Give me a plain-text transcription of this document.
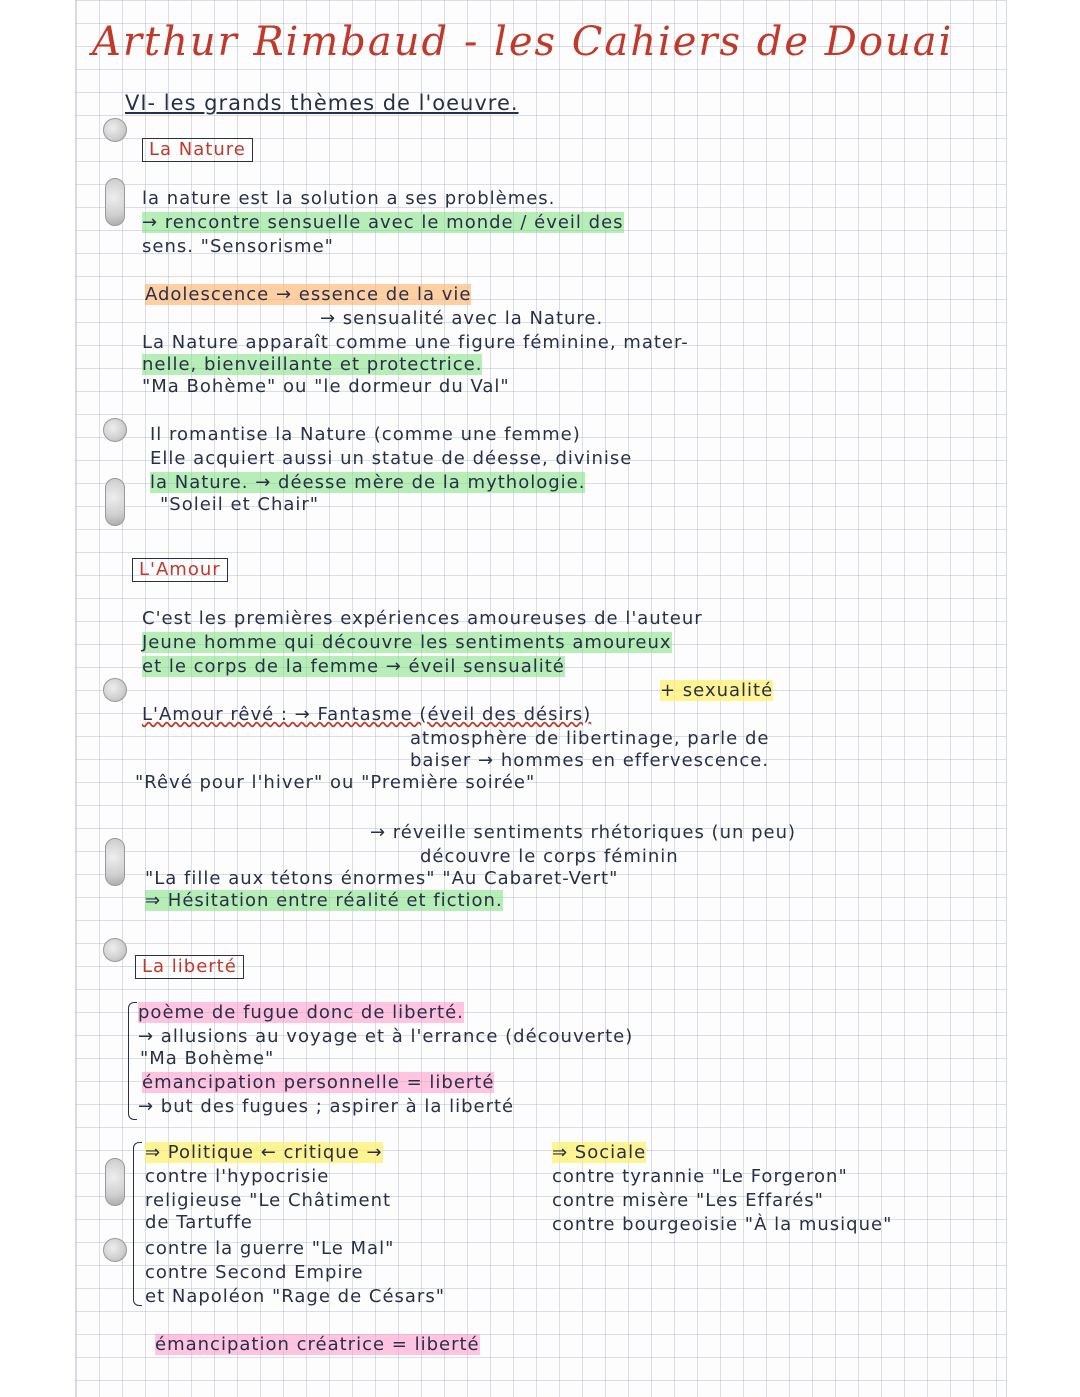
Arthur Rimbaud - les Cahiers de Douai

VI- les grands thèmes de l'oeuvre.

La Nature

la nature est la solution a ses problèmes.

→ rencontre sensuelle avec le monde / éveil des

sens. "Sensorisme"

Adolescence → essence de la vie

→ sensualité avec la Nature.

La Nature apparaît comme une figure féminine, mater-

nelle, bienveillante et protectrice.

"Ma Bohème" ou "le dormeur du Val"

Il romantise la Nature (comme une femme)

Elle acquiert aussi un statue de déesse, divinise

la Nature. → déesse mère de la mythologie.

"Soleil et Chair"

L'Amour

C'est les premières expériences amoureuses de l'auteur

Jeune homme qui découvre les sentiments amoureux

et le corps de la femme → éveil sensualité

+ sexualité

L'Amour rêvé : → Fantasme (éveil des désirs)

atmosphère de libertinage, parle de

baiser → hommes en effervescence.

"Rêvé pour l'hiver" ou "Première soirée"

→ réveille sentiments rhétoriques (un peu)

découvre le corps féminin

"La fille aux tétons énormes" "Au Cabaret-Vert"

⇒ Hésitation entre réalité et fiction.

La liberté

poème de fugue donc de liberté.

→ allusions au voyage et à l'errance (découverte)

"Ma Bohème"

émancipation personnelle = liberté

→ but des fugues ; aspirer à la liberté

⇒ Politique ← critique →

contre l'hypocrisie

religieuse "Le Châtiment

de Tartuffe

contre la guerre "Le Mal"

contre Second Empire

et Napoléon "Rage de Césars"

⇒ Sociale

contre tyrannie "Le Forgeron"

contre misère "Les Effarés"

contre bourgeoisie "À la musique"

émancipation créatrice = liberté
